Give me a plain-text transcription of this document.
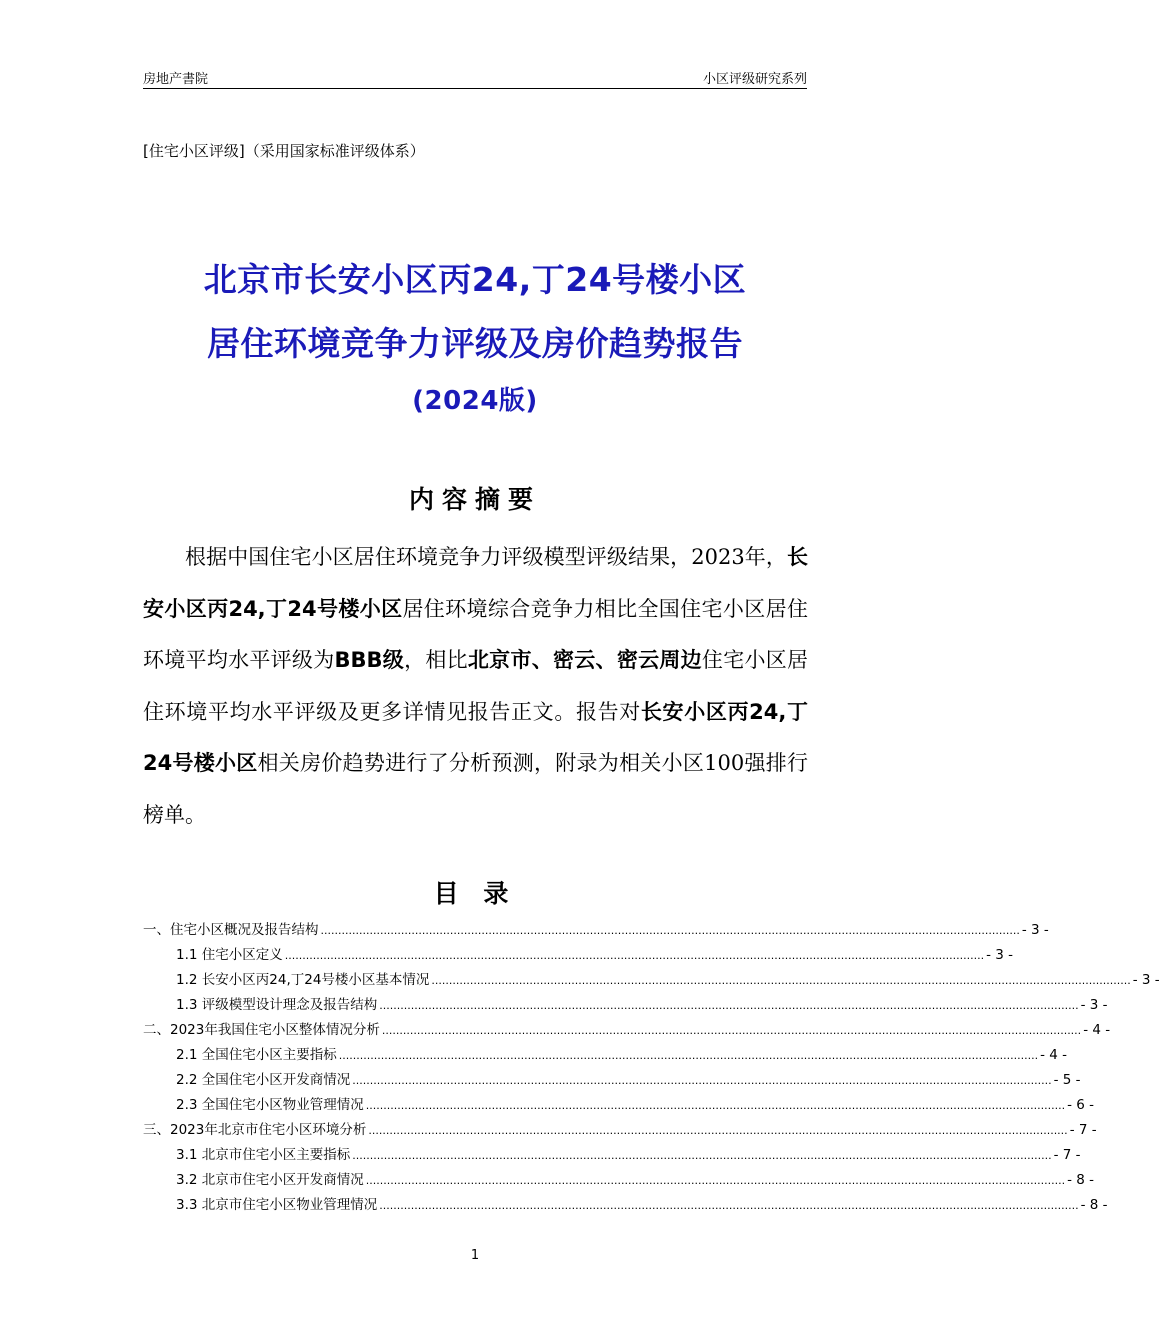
房地产書院	小区评级研究系列
[住宅小区评级]（采用国家标准评级体系）
北京市长安小区丙24,丁24号楼小区
居住环境竞争力评级及房价趋势报告
(2024版)
内容摘要
根据中国住宅小区居住环境竞争力评级模型评级结果，2023年，长安小区丙24,丁24号楼小区居住环境综合竞争力相比全国住宅小区居住环境平均水平评级为BBB级，相比北京市、密云、密云周边住宅小区居住环境平均水平评级及更多详情见报告正文。报告对长安小区丙24,丁24号楼小区相关房价趋势进行了分析预测，附录为相关小区100强排行榜单。
目 录
一、住宅小区概况及报告结构 ........................................................................................................................................................................................................ - 3 -
1.1 住宅小区定义 ........................................................................................................................................................................................................ - 3 -
1.2 长安小区丙24,丁24号楼小区基本情况 ........................................................................................................................................................................................................ - 3 -
1.3 评级模型设计理念及报告结构 ........................................................................................................................................................................................................ - 3 -
二、2023年我国住宅小区整体情况分析 ........................................................................................................................................................................................................ - 4 -
2.1 全国住宅小区主要指标 ........................................................................................................................................................................................................ - 4 -
2.2 全国住宅小区开发商情况 ........................................................................................................................................................................................................ - 5 -
2.3 全国住宅小区物业管理情况 ........................................................................................................................................................................................................ - 6 -
三、2023年北京市住宅小区环境分析 ........................................................................................................................................................................................................ - 7 -
3.1 北京市住宅小区主要指标 ........................................................................................................................................................................................................ - 7 -
3.2 北京市住宅小区开发商情况 ........................................................................................................................................................................................................ - 8 -
3.3 北京市住宅小区物业管理情况 ........................................................................................................................................................................................................ - 8 -
1
